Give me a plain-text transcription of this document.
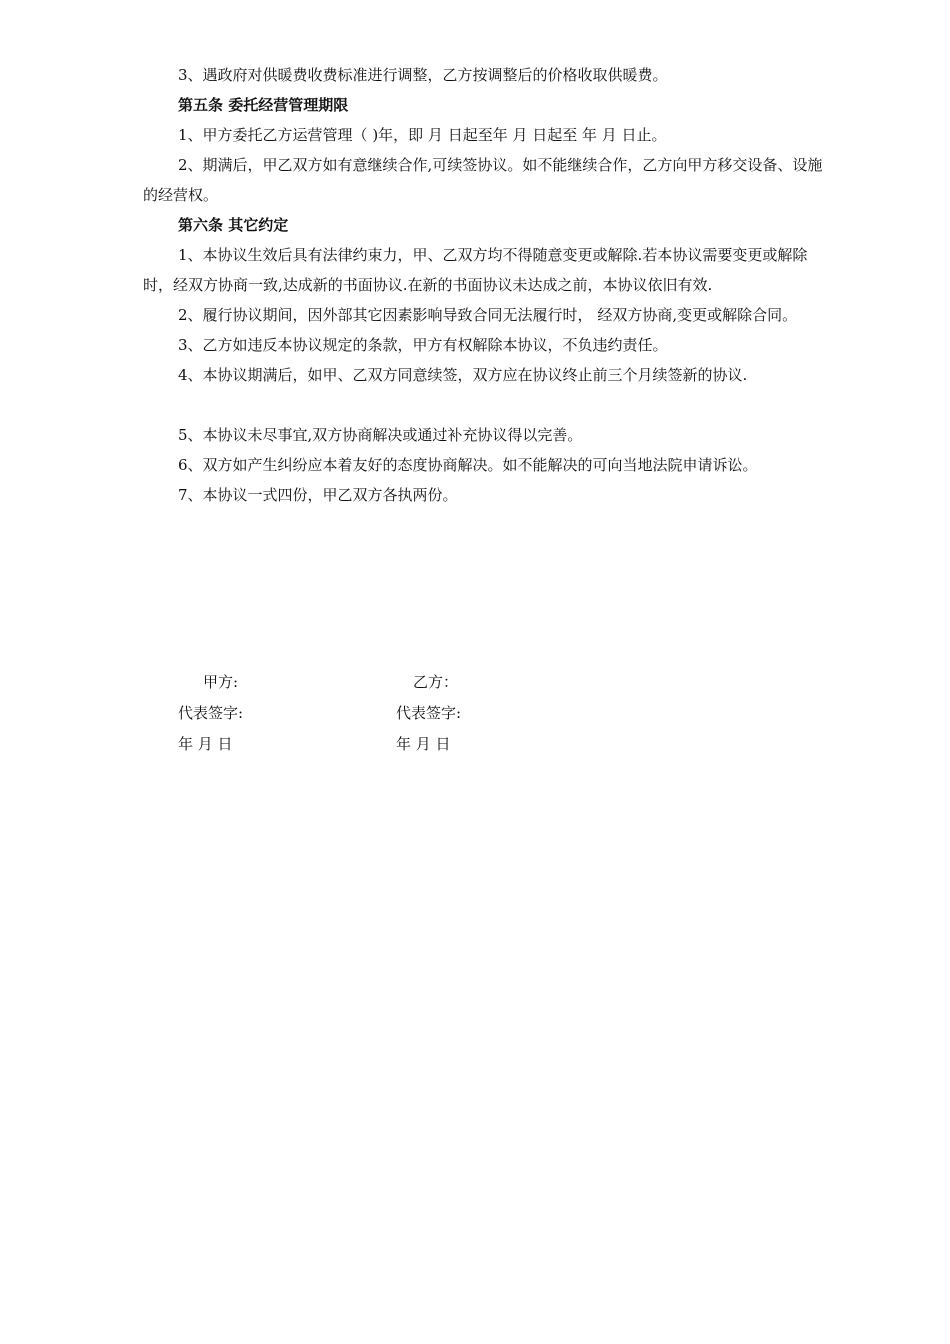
3、遇政府对供暖费收费标准进行调整，乙方按调整后的价格收取供暖费。

第五条 委托经营管理期限

1、甲方委托乙方运营管理（ )年，即 月 日起至年 月 日起至 年 月 日止。

2、期满后，甲乙双方如有意继续合作,可续签协议。如不能继续合作，乙方向甲方移交设备、设施的经营权。

第六条 其它约定

1、本协议生效后具有法律约束力，甲、乙双方均不得随意变更或解除.若本协议需要变更或解除时，经双方协商一致,达成新的书面协议.在新的书面协议未达成之前，本协议依旧有效.

2、履行协议期间，因外部其它因素影响导致合同无法履行时， 经双方协商,变更或解除合同。

3、乙方如违反本协议规定的条款，甲方有权解除本协议，不负违约责任。

4、本协议期满后，如甲、乙双方同意续签，双方应在协议终止前三个月续签新的协议.

5、本协议未尽事宜,双方协商解决或通过补充协议得以完善。

6、双方如产生纠纷应本着友好的态度协商解决。如不能解决的可向当地法院申请诉讼。

7、本协议一式四份，甲乙双方各执两份。

甲方:	乙方：
代表签字:	代表签字:
年 月 日	年 月 日
